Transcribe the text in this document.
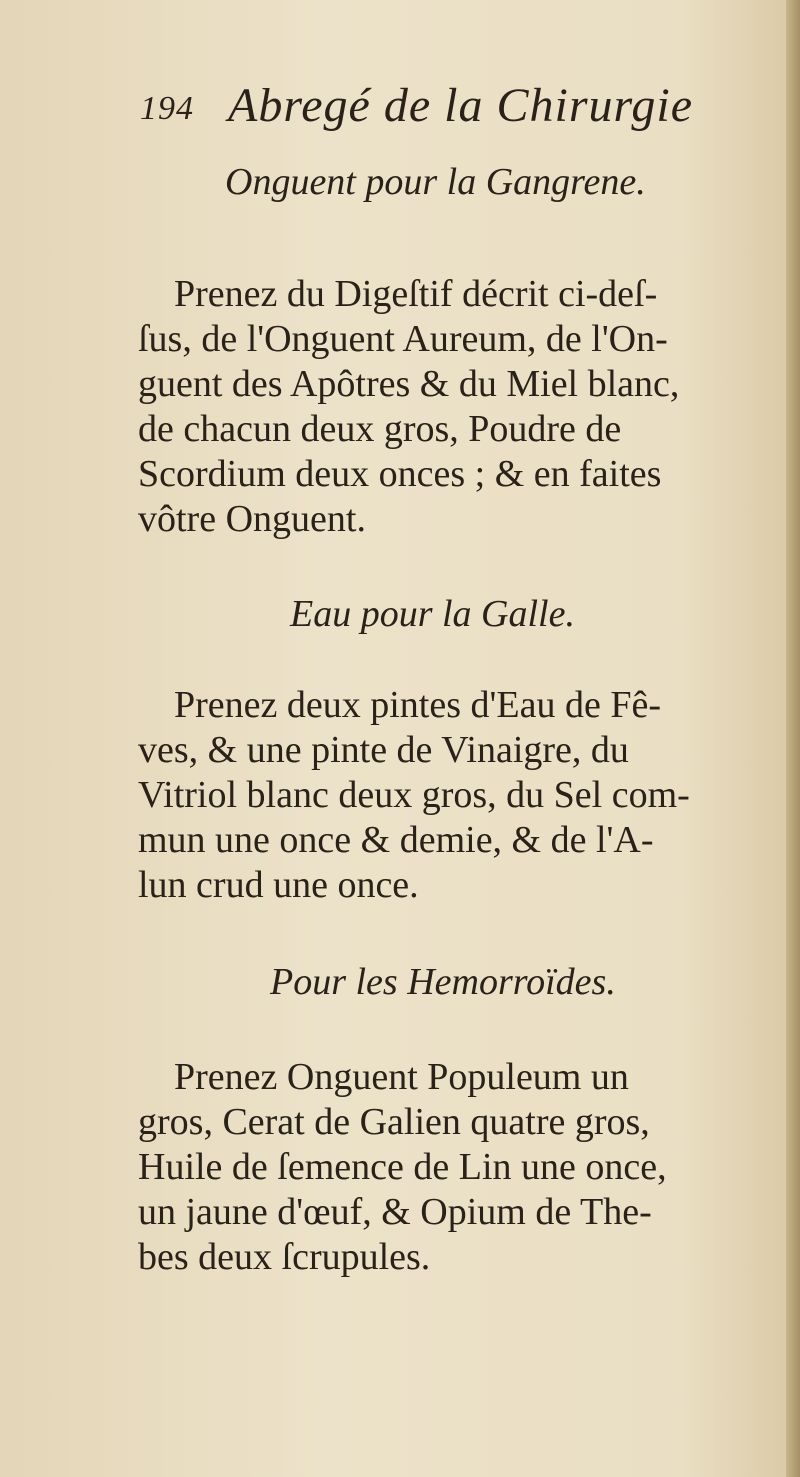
194 Abregé de la Chirurgie
Onguent pour la Gangrene.
Prenez du Digeſtif décrit ci-deſ-
ſus, de l'Onguent Aureum, de l'On-
guent des Apôtres & du Miel blanc,
de chacun deux gros, Poudre de
Scordium deux onces ; & en faites
vôtre Onguent.
Eau pour la Galle.
Prenez deux pintes d'Eau de Fê-
ves, & une pinte de Vinaigre, du
Vitriol blanc deux gros, du Sel com-
mun une once & demie, & de l'A-
lun crud une once.
Pour les Hemorroïdes.
Prenez Onguent Populeum un
gros, Cerat de Galien quatre gros,
Huile de ſemence de Lin une once,
un jaune d'œuf, & Opium de The-
bes deux ſcrupules.
